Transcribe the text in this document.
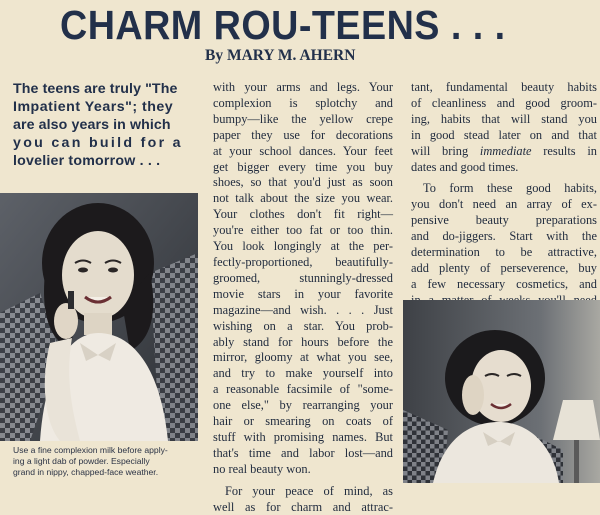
CHARM ROU-TEENS . . .
By MARY M. AHERN
The teens are truly "The
Impatient Years"; they
are also years in which
you can build for a
lovelier tomorrow . . .
Use a fine complexion milk before apply-
ing a light dab of powder. Especially
grand in nippy, chapped-face weather.
with your arms and legs. Your
complexion is splotchy and
bumpy—like the yellow crepe
paper they use for decorations
at your school dances. Your feet
get bigger every time you buy
shoes, so that you'd just as soon
not talk about the size you wear.
Your clothes don't fit right—
you're either too fat or too thin.
You look longingly at the per-
fectly-proportioned, beautifully-
groomed, stunningly-dressed
movie stars in your favorite
magazine—and wish. . . . Just
wishing on a star. You prob-
ably stand for hours before the
mirror, gloomy at what you see,
and try to make yourself into
a reasonable facsimile of "some-
one else," by rearranging your
hair or smearing on coats of
stuff with promising names. But
that's time and labor lost—and
no real beauty won.
For your peace of mind, as
well as for charm and attrac-
tant, fundamental beauty habits
of cleanliness and good groom-
ing, habits that will stand you
in good stead later on and that
will bring immediate results in
dates and good times.
To form these good habits,
you don't need an array of ex-
pensive beauty preparations
and do-jiggers. Start with the
determination to be attractive,
add plenty of perseverence, buy
a few necessary cosmetics, and
